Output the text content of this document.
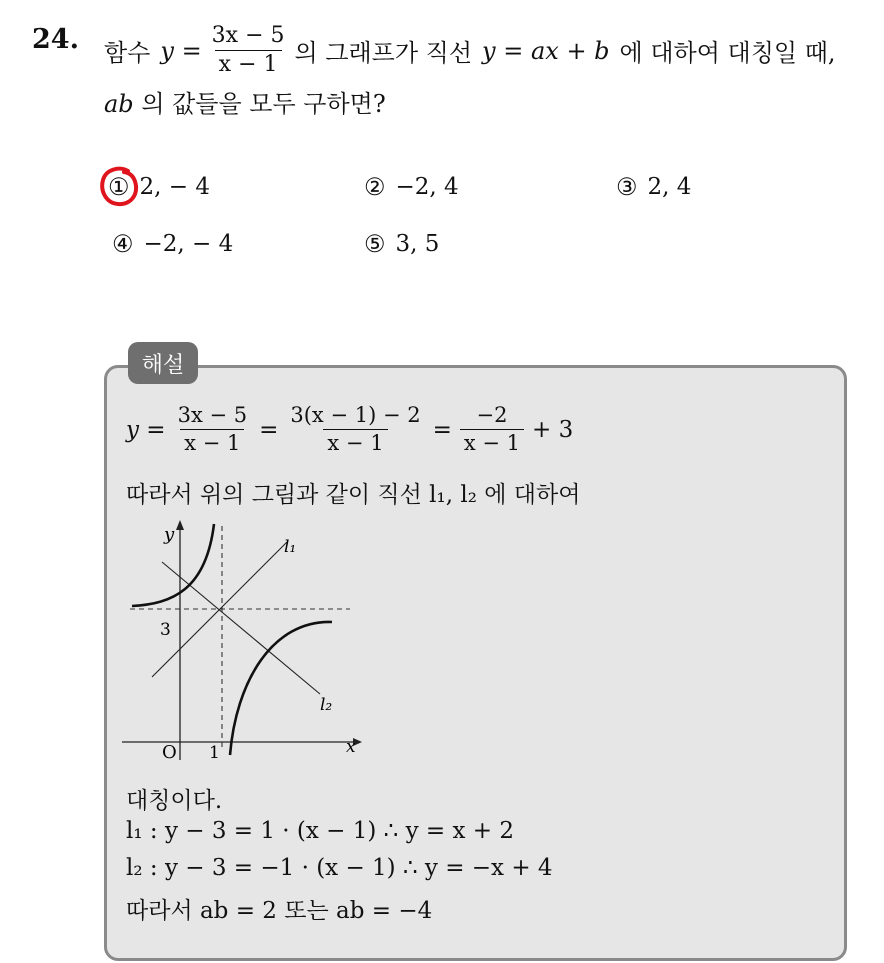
24. 함수 $y = \frac{3x - 5}{x - 1}$ 의 그래프가 직선 y = ax + b 에 대하여 대칭일 때,
ab 의 값들을 모두 구하면?
① 2, − 4	② −2, 4	③ 2, 4
④ −2, − 4	⑤ 3, 5
해설
$y = \frac{3x - 5}{x - 1} = \frac{3(x - 1) - 2}{x - 1} = \frac{-2}{x - 1} + 3$
따라서 위의 그림과 같이 직선 l₁, l₂ 에 대하여
y
x
O 1
3
l₁
l₂
대칭이다.
l₁ : y − 3 = 1 · (x − 1) ∴ y = x + 2
l₂ : y − 3 = −1 · (x − 1) ∴ y = −x + 4
따라서 ab = 2 또는 ab = −4
